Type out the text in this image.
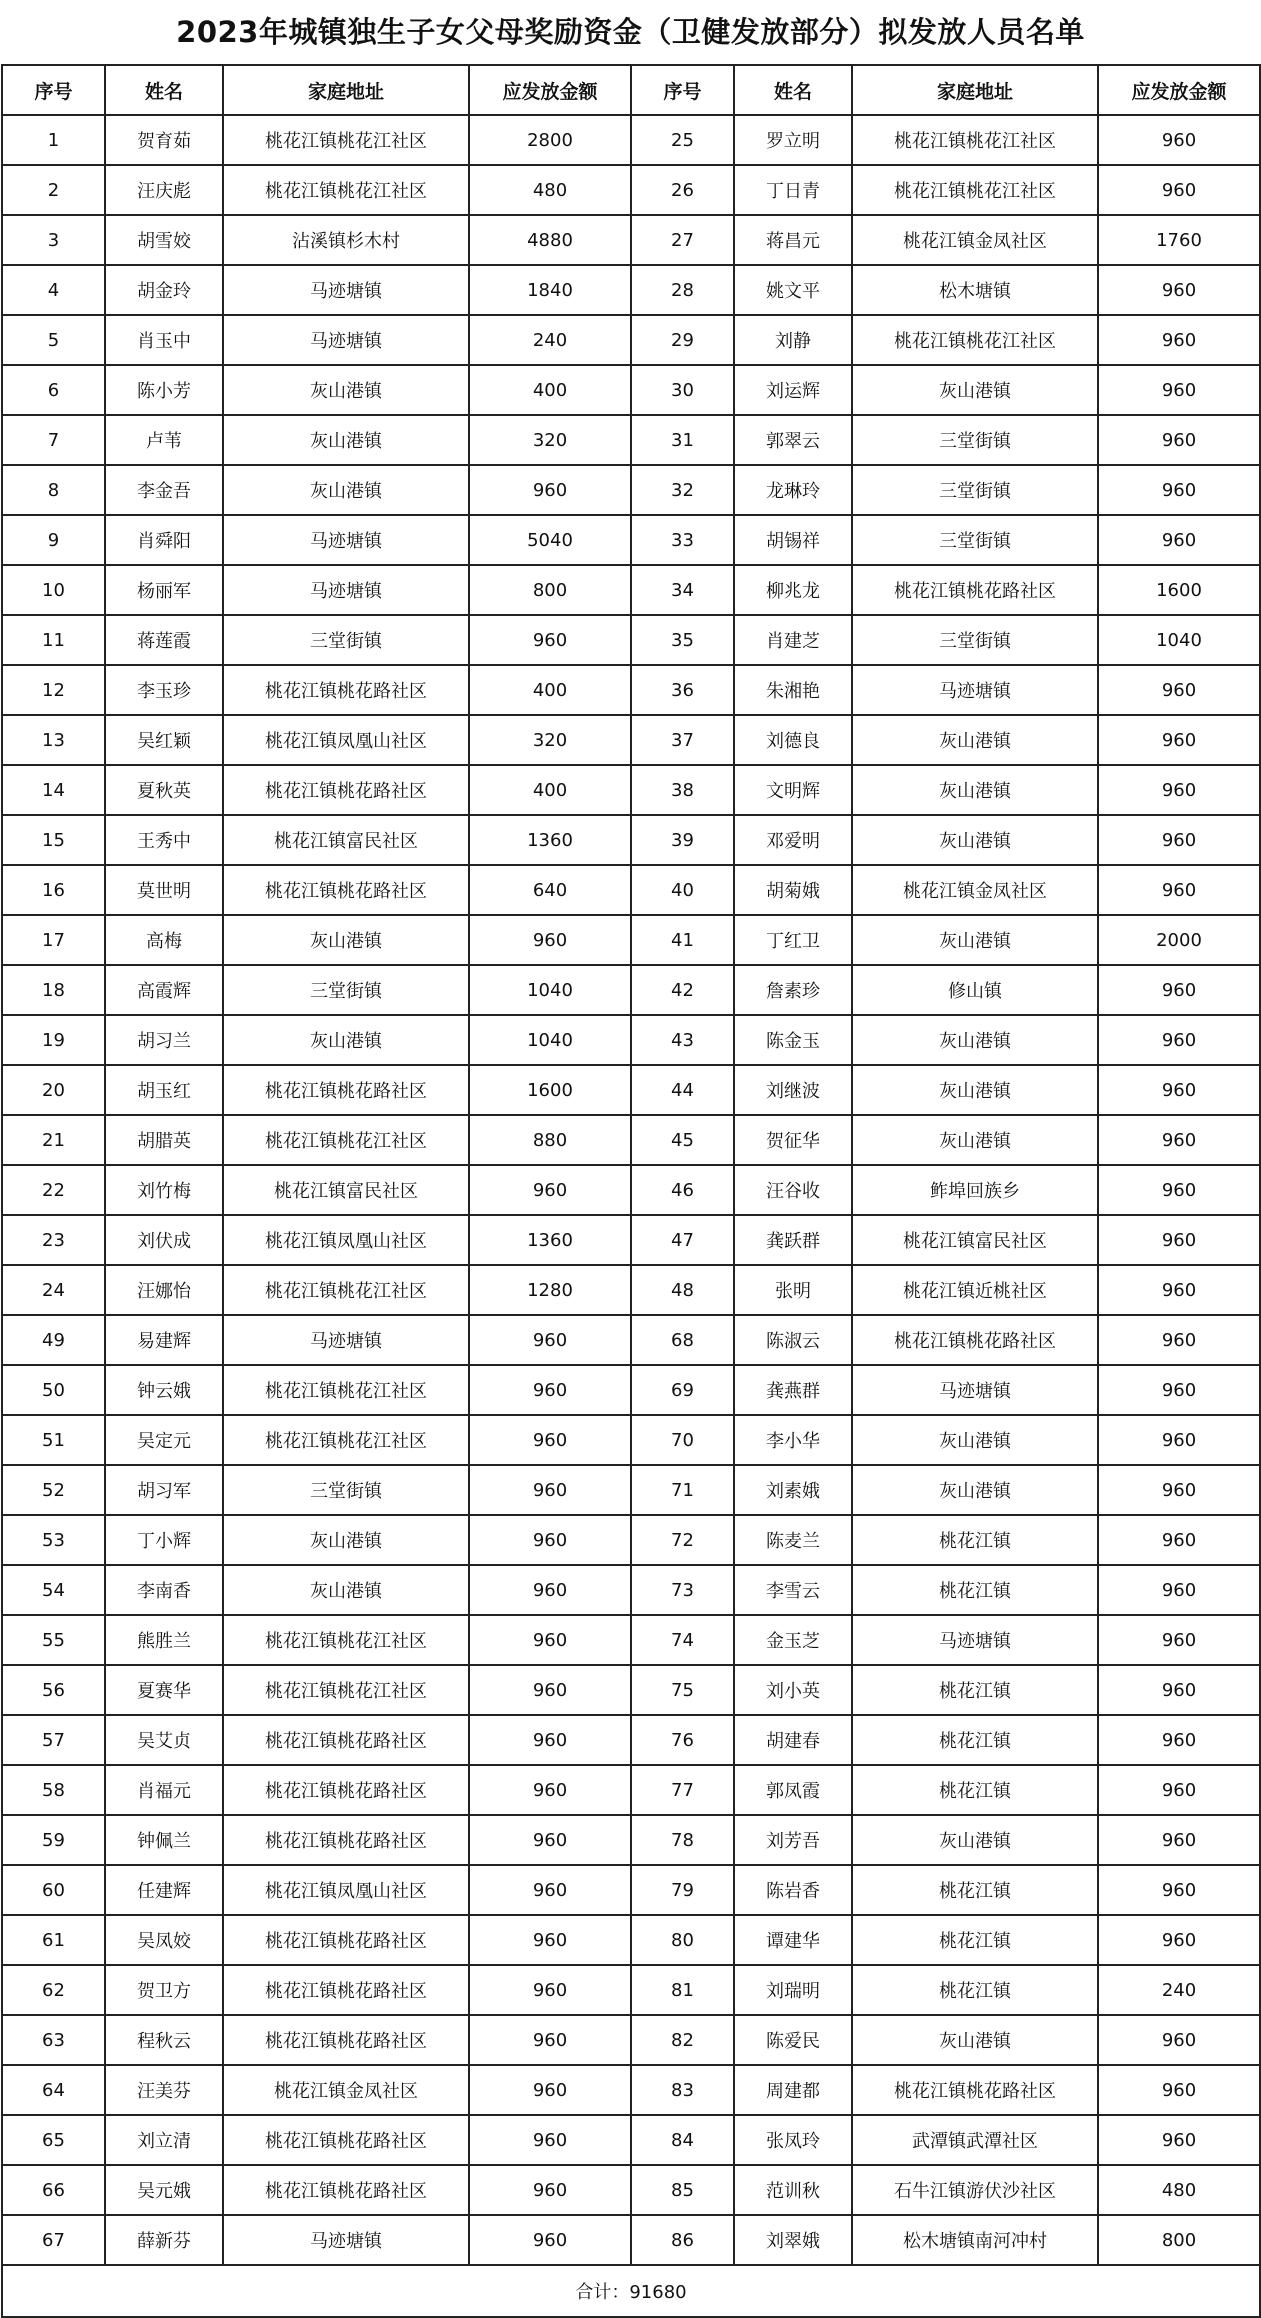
2023年城镇独生子女父母奖励资金（卫健发放部分）拟发放人员名单
序号	姓名	家庭地址	应发放金额	序号	姓名	家庭地址	应发放金额
1	贺育茹	桃花江镇桃花江社区	2800	25	罗立明	桃花江镇桃花江社区	960
2	汪庆彪	桃花江镇桃花江社区	480	26	丁日青	桃花江镇桃花江社区	960
3	胡雪姣	沾溪镇杉木村	4880	27	蒋昌元	桃花江镇金凤社区	1760
4	胡金玲	马迹塘镇	1840	28	姚文平	松木塘镇	960
5	肖玉中	马迹塘镇	240	29	刘静	桃花江镇桃花江社区	960
6	陈小芳	灰山港镇	400	30	刘运辉	灰山港镇	960
7	卢苇	灰山港镇	320	31	郭翠云	三堂街镇	960
8	李金吾	灰山港镇	960	32	龙琳玲	三堂街镇	960
9	肖舜阳	马迹塘镇	5040	33	胡锡祥	三堂街镇	960
10	杨丽军	马迹塘镇	800	34	柳兆龙	桃花江镇桃花路社区	1600
11	蒋莲霞	三堂街镇	960	35	肖建芝	三堂街镇	1040
12	李玉珍	桃花江镇桃花路社区	400	36	朱湘艳	马迹塘镇	960
13	吴红颖	桃花江镇凤凰山社区	320	37	刘德良	灰山港镇	960
14	夏秋英	桃花江镇桃花路社区	400	38	文明辉	灰山港镇	960
15	王秀中	桃花江镇富民社区	1360	39	邓爱明	灰山港镇	960
16	莫世明	桃花江镇桃花路社区	640	40	胡菊娥	桃花江镇金凤社区	960
17	高梅	灰山港镇	960	41	丁红卫	灰山港镇	2000
18	高霞辉	三堂街镇	1040	42	詹素珍	修山镇	960
19	胡习兰	灰山港镇	1040	43	陈金玉	灰山港镇	960
20	胡玉红	桃花江镇桃花路社区	1600	44	刘继波	灰山港镇	960
21	胡腊英	桃花江镇桃花江社区	880	45	贺征华	灰山港镇	960
22	刘竹梅	桃花江镇富民社区	960	46	汪谷收	鲊埠回族乡	960
23	刘伏成	桃花江镇凤凰山社区	1360	47	龚跃群	桃花江镇富民社区	960
24	汪娜怡	桃花江镇桃花江社区	1280	48	张明	桃花江镇近桃社区	960
49	易建辉	马迹塘镇	960	68	陈淑云	桃花江镇桃花路社区	960
50	钟云娥	桃花江镇桃花江社区	960	69	龚燕群	马迹塘镇	960
51	吴定元	桃花江镇桃花江社区	960	70	李小华	灰山港镇	960
52	胡习军	三堂街镇	960	71	刘素娥	灰山港镇	960
53	丁小辉	灰山港镇	960	72	陈麦兰	桃花江镇	960
54	李南香	灰山港镇	960	73	李雪云	桃花江镇	960
55	熊胜兰	桃花江镇桃花江社区	960	74	金玉芝	马迹塘镇	960
56	夏赛华	桃花江镇桃花江社区	960	75	刘小英	桃花江镇	960
57	吴艾贞	桃花江镇桃花路社区	960	76	胡建春	桃花江镇	960
58	肖福元	桃花江镇桃花路社区	960	77	郭凤霞	桃花江镇	960
59	钟佩兰	桃花江镇桃花路社区	960	78	刘芳吾	灰山港镇	960
60	任建辉	桃花江镇凤凰山社区	960	79	陈岩香	桃花江镇	960
61	吴凤姣	桃花江镇桃花路社区	960	80	谭建华	桃花江镇	960
62	贺卫方	桃花江镇桃花路社区	960	81	刘瑞明	桃花江镇	240
63	程秋云	桃花江镇桃花路社区	960	82	陈爱民	灰山港镇	960
64	汪美芬	桃花江镇金凤社区	960	83	周建都	桃花江镇桃花路社区	960
65	刘立清	桃花江镇桃花路社区	960	84	张凤玲	武潭镇武潭社区	960
66	吴元娥	桃花江镇桃花路社区	960	85	范训秋	石牛江镇游伏沙社区	480
67	薛新芬	马迹塘镇	960	86	刘翠娥	松木塘镇南河冲村	800
合计：91680							
